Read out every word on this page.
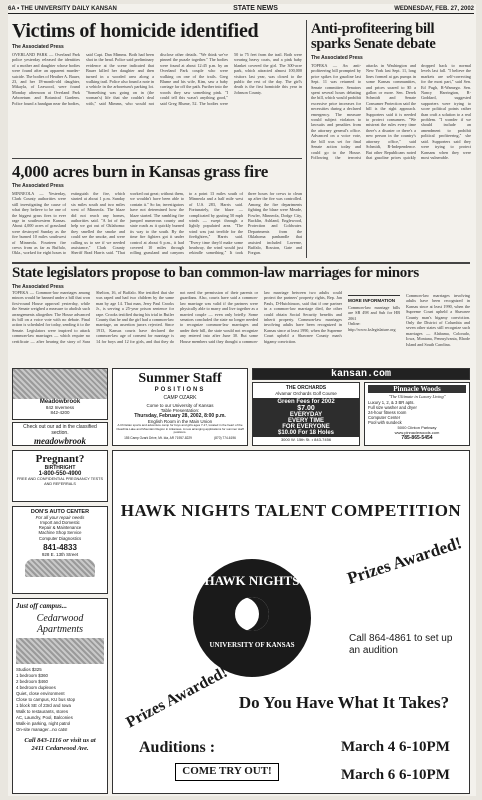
6A • THE UNIVERSITY DAILY KANSAN	STATE NEWS	WEDNESDAY, FEB. 27, 2002
Victims of homicide identified
The Associated Press
OVERLAND PARK — Overland Park police yesterday released the identities of a mother and daughter whose bodies were found after an apparent murder-suicide. The bodies of Heather A. Bauer, 23, and her 18-month-old daughter, Mikayla, of Leawood, were found Monday afternoon at Overland Park Arboretum and Botanical Gardens. Police found a handgun near the bodies, said Capt. Dan Mimms. Both had been shot in the head. Police said preliminary evidence at the scene indicated that Bauer killed her daughter and then turned in a wooded area along a walking trail. Police also found a note in a vehicle in the arboretum's parking lot. "Something was going on in (the woman's) life that she couldn't deal with," said Mimms, who would not disclose other details. "We think we've pinned the puzzle together." The bodies were found at about 12:45 p.m. by an Overland Park couple who were walking on one of the trails. Greg Blume and his wife, Kim, saw a baby carriage far off the path. Further into the woods they saw something pink. "I could tell this wasn't anything good," said Greg Blume, 52. The bodies were 50 to 75 feet from the trail. Both were wearing heavy coats, and a pink baby blanket covered the girl. The 300-acre park, which attracted almost 100,000 visitors last year, was closed to the public the rest of the day. The girl's death is the first homicide this year in Johnson County.
Anti-profiteering bill sparks Senate debate
The Associated Press
TOPEKA — An anti-profiteering bill prompted by price spikes for gasoline last Sept. 11 was returned to Senate committee. Senators spent several hours debating the bill, which would prohibit excessive price increases for necessities during a declared emergency. The measure would subject violators to lawsuits and penalties from the attorney general's office. Advanced on a voice vote, the bill was set for final Senate action today and could go to the House. Following the terrorist attacks in Washington and New York last Sept. 11, long lines formed at gas pumps in some Kansas communities, and prices soared to $5 a gallon or more. Sen. Derek Schmidt and Senate Consumer Protection said the bill is the right approach. Supporters said it is needed to protect consumers. "We mistreat the rules every time there's a disaster or there's a new person in the country's attorney office," said Schmidt, R-Independence. But other Republicans noted that gasoline prices quickly dropped back to normal levels last fall. "I believe the markets are self-correcting for the most part," said Sen. Ed Pugh, R-Wamego. Sen. Nancy Harrington, R-Goddard, suggested supporters were trying to score political points rather than craft a solution to a real problem. "I wonder if we should include an amendment to prohibit political profiteering," she said. Supporters said they were trying to protect Kansans when they were most vulnerable.
4,000 acres burn in Kansas grass fire
The Associated Press
MINNEOLA — Yesterday, Clark County authorities were still investigating the cause of what they believe to be one of the biggest grass fires to ever rage in southwestern Kansas. About 4,000 acres of grassland were destroyed Sunday as the fire burned 10 miles southwest of Minneola. Fourteen fire crews from as far as Buffalo, Okla., worked for eight hours to extinguish the fire, which started at about 1 p.m. Sunday six miles south and two miles west of Minneola. The blaze did not reach any homes, authorities said. "A lot of the help we got out of Oklahoma: they smelled the smoke and could see the smoke, and were calling us to see if we needed assistance," Clark County Sheriff Brad Harris said. "That worked out great; without them, we wouldn't have been able to contain it." So far, investigators have not determined how the blaze started. The rambling fire jumped numerous county and state roads as it quickly burned its way to the south. By the time fire fighters got it under control at about 6 p.m., it had covered 10 miles through rolling grassland and canyons to a point 13 miles south of Minneola and a half mile west of U.S. 283, Harris said. Fortunately, the blaze — complicated by gusting 50 mph winds — swept through a lightly populated area. "The wind was just terrible for the firefighters," Harris said. "Every time they'd make some headway, the wind would just rekindle something." It took three hours for crews to clean up after the fire was controlled. Among the fire departments fighting the blaze were Meade, Fowler, Minneola, Dodge City, Bucklin, Ashland, Englewood, Protection and Coldwater. Departments from the Oklahoma panhandle that assisted included Laverne, Buffalo, Rosston, Gate and Forgan.
State legislators propose to ban common-law marriages for minors
The Associated Press
TOPEKA — Common-law marriages among minors would be banned under a bill that won first-round House approval yesterday, while the Senate weighed a measure to abolish such arrangements altogether. The House advanced its bill on a voice vote with no debate. Final action is scheduled for today, sending it to the Senate. Legislators were inspired to attack common-law marriages — which require no certificate — after hearing the story of Sara Shelton, 16, of Buffalo. She testified that she was raped and had two children by the same man by age 14. That man, Jerry Paul Crooks Jr., is serving a 25-year prison sentence for rape. Crooks testified during his trial in Butler County that he and the girl had a common-law marriage, an assertion jurors rejected. Since 1913, Kansas courts have declared the common-law age of consent for marriage is 14 for boys and 12 for girls, and that they do not need the permission of their parents or guardians. Also, courts have said a common-law marriage was valid if the partners were physically able to marry and live together as a married couple — even only briefly. Some senators concluded the state no longer needed to recognize common-law marriages and under their bill, the state would not recognize any entered into after June 30. But some House members said they thought a common-law marriage between two adults could protect the partners' property rights, Rep. Jan Pauls, D-Hutchinson, said that if one partner in a common-law marriage died, the other could obtain Social Security benefits and inherit property. Common-law marriages involving adults have been recognized in Kansas since at least 1990, when the Supreme Court upheld a Shawnee County man's bigamy conviction.
MORE INFORMATION
Common-law marriage bills are SB 498 and Sub for HB 2061
Online: http://www.kslegislature.org
Common-law marriages involving adults have been recognized in Kansas since at least 1990, when the Supreme Court upheld a Shawnee County man's bigamy conviction. Only the District of Columbia and seven other states still recognize such marriages — Alabama, Colorado, Iowa, Montana, Pennsylvania, Rhode Island and South Carolina.
Meadowbrook
842 Inverness
842-4200
Check out our ad in the classified section.
meadowbrook
Summer Staff
POSITIONS
CAMP OZARK
Come to our University of Kansas
Table Presentation:
Thursday, February 28, 2002, 8:00 p.m.
English Room in the Main Union
A Christian sports and adventure camp for boys and girls ages 7-17, located in the heart of the Ouachita Lake and Mountain Region in Arkansas. A new arranging applications for summer staff positions.
155 Camp Ozark Drive, Mt. Ida, AR 71957-8229	(870) 774-6196
kansan.com
THE ORCHARDS
Alvamar Orchards Golf Course
Green Fees for 2002
$7.00
EVERYDAY
EVERY TIME
FOR EVERYONE
$10.00 For 18 Holes
3000 W. 15th St. • 843-7456
Pinnacle Woods
"The Ultimate in Luxury Living"
Luxury 1, 2, & 3 BR apts.
Full size washer and dryer
24-hour fitness room
Computer Center
Pool with sundeck
5000 Clinton Parkway
www.pinnaclewoods.com
785-865-5454
Pregnant?
BIRTHRIGHT
1-800-550-4900
FREE AND CONFIDENTIAL PREGNANCY TESTS AND REFERRALS
DON'S AUTO CENTER
For all your repair needs
Import and Domestic
Repair & Maintenance
Machine Shop Service
Computer Diagnostics
841-4833
928 E. 13th Street
Just off campus...
Cedarwood Apartments
Studios $325
1 bedroom $360
2 bedroom $460
4 bedroom duplexes
Quiet, close environment
Close to campus, KU bus stop
1 block SE of 23rd and Iowa
Walk to restaurants, stores
AC, Laundry, Pool, Balconies
Walk-in parking, night patrol
On-site manager...no cats!
Call 843-1116 or visit us at
2411 Cedarwood Ave.
HAWK NIGHTS TALENT COMPETITION
Prizes Awarded!
HAWK NIGHTS
UNIVERSITY OF KANSAS
Call 864-4861 to set up an audition
Prizes Awarded! Do You Have What It Takes?
Auditions :
COME TRY OUT!
March 4 6-10PM
March 6 6-10PM
